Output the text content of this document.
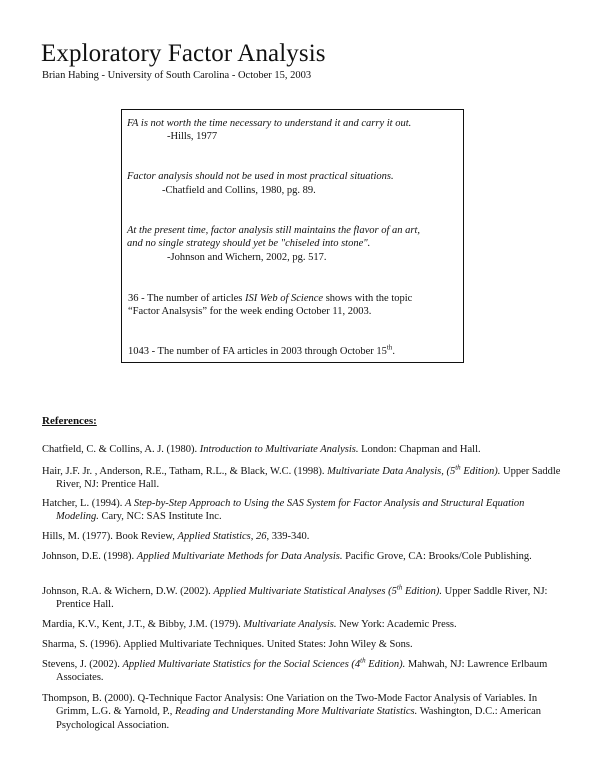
Exploratory Factor Analysis
Brian Habing - University of South Carolina - October 15, 2003
FA is not worth the time necessary to understand it and carry it out.
-Hills, 1977
Factor analysis should not be used in most practical situations.
-Chatfield and Collins, 1980, pg. 89.
At the present time, factor analysis still maintains the flavor of an art,
and no single strategy should yet be "chiseled into stone".
-Johnson and Wichern, 2002, pg. 517.
36 - The number of articles ISI Web of Science shows with the topic
“Factor Analsysis” for the week ending October 11, 2003.
1043 - The number of FA articles in 2003 through October 15th.
References:
Chatfield, C. & Collins, A. J. (1980). Introduction to Multivariate Analysis. London: Chapman and Hall.
Hair, J.F. Jr. , Anderson, R.E., Tatham, R.L., & Black, W.C. (1998). Multivariate Data Analysis, (5th Edition). Upper Saddle River, NJ: Prentice Hall.
Hatcher, L. (1994). A Step-by-Step Approach to Using the SAS System for Factor Analysis and Structural Equation Modeling. Cary, NC: SAS Institute Inc.
Hills, M. (1977). Book Review, Applied Statistics, 26, 339-340.
Johnson, D.E. (1998). Applied Multivariate Methods for Data Analysis. Pacific Grove, CA: Brooks/Cole Publishing.
Johnson, R.A. & Wichern, D.W. (2002). Applied Multivariate Statistical Analyses (5th Edition). Upper Saddle River, NJ: Prentice Hall.
Mardia, K.V., Kent, J.T., & Bibby, J.M. (1979). Multivariate Analysis. New York: Academic Press.
Sharma, S. (1996). Applied Multivariate Techniques. United States: John Wiley & Sons.
Stevens, J. (2002). Applied Multivariate Statistics for the Social Sciences (4th Edition). Mahwah, NJ: Lawrence Erlbaum Associates.
Thompson, B. (2000). Q-Technique Factor Analysis: One Variation on the Two-Mode Factor Analysis of Variables. In Grimm, L.G. & Yarnold, P., Reading and Understanding More Multivariate Statistics. Washington, D.C.: American Psychological Association.
